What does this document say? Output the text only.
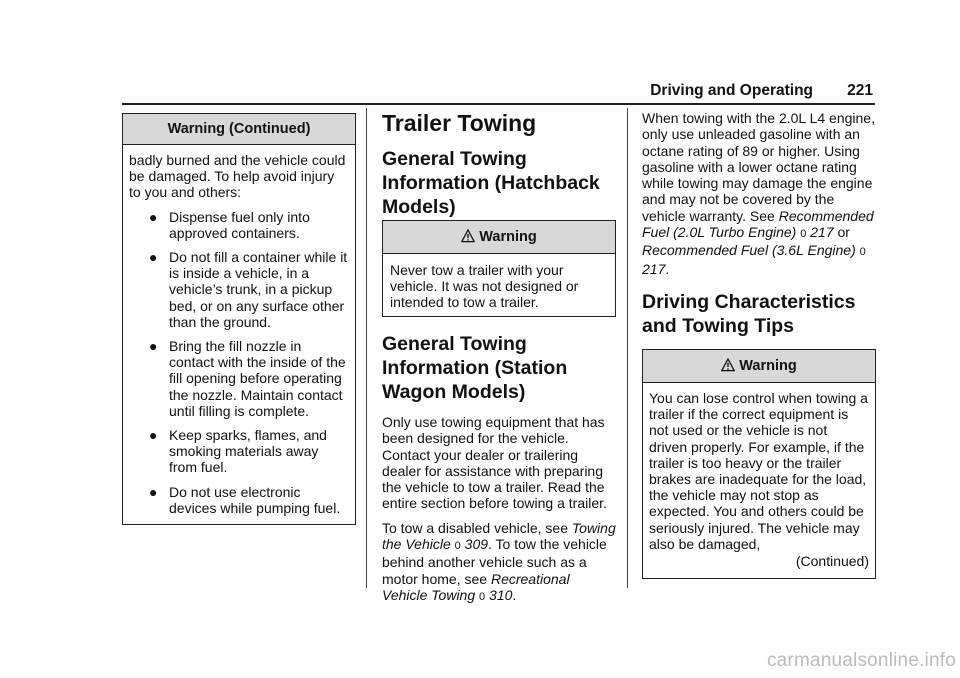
Driving and Operating 221
Warning (Continued)

badly burned and the vehicle could be damaged. To help avoid injury to you and others:

● Dispense fuel only into approved containers.
● Do not fill a container while it is inside a vehicle, in a vehicle’s trunk, in a pickup bed, or on any surface other than the ground.
● Bring the fill nozzle in contact with the inside of the fill opening before operating the nozzle. Maintain contact until filling is complete.
● Keep sparks, flames, and smoking materials away from fuel.
● Do not use electronic devices while pumping fuel.
Trailer Towing
General Towing Information (Hatchback Models)
Warning

Never tow a trailer with your vehicle. It was not designed or intended to tow a trailer.

General Towing Information (Station Wagon Models)

Only use towing equipment that has been designed for the vehicle. Contact your dealer or trailering dealer for assistance with preparing the vehicle to tow a trailer. Read the entire section before towing a trailer.

To tow a disabled vehicle, see Towing the Vehicle 0 309. To tow the vehicle behind another vehicle such as a motor home, see Recreational Vehicle Towing 0 310.

When towing with the 2.0L L4 engine, only use unleaded gasoline with an octane rating of 89 or higher. Using gasoline with a lower octane rating while towing may damage the engine and may not be covered by the vehicle warranty. See Recommended Fuel (2.0L Turbo Engine) 0 217 or Recommended Fuel (3.6L Engine) 0 217.

Driving Characteristics and Towing Tips
Warning

You can lose control when towing a trailer if the correct equipment is not used or the vehicle is not driven properly. For example, if the trailer is too heavy or the trailer brakes are inadequate for the load, the vehicle may not stop as expected. You and others could be seriously injured. The vehicle may also be damaged,

(Continued)
carmanualsonline.info
